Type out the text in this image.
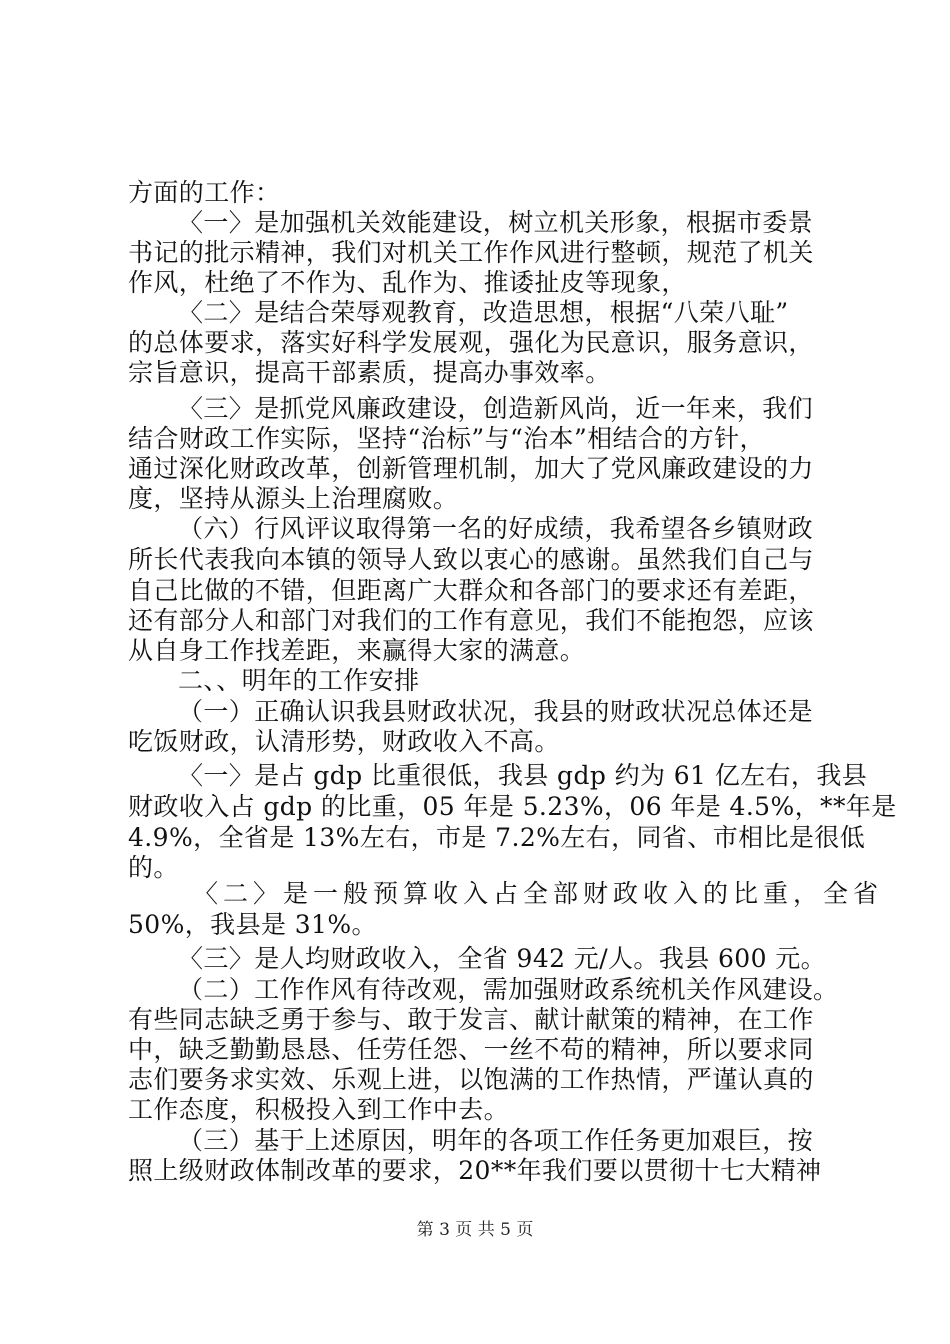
方面的工作：
〈一〉是加强机关效能建设，树立机关形象，根据市委景
书记的批示精神，我们对机关工作作风进行整顿，规范了机关
作风，杜绝了不作为、乱作为、推诿扯皮等现象，
〈二〉是结合荣辱观教育，改造思想，根据“八荣八耻”
的总体要求，落实好科学发展观，强化为民意识，服务意识，
宗旨意识，提高干部素质，提高办事效率。
〈三〉是抓党风廉政建设，创造新风尚，近一年来，我们
结合财政工作实际，坚持“治标”与“治本”相结合的方针，
通过深化财政改革，创新管理机制，加大了党风廉政建设的力
度，坚持从源头上治理腐败。
（六）行风评议取得第一名的好成绩，我希望各乡镇财政
所长代表我向本镇的领导人致以衷心的感谢。虽然我们自己与
自己比做的不错，但距离广大群众和各部门的要求还有差距，
还有部分人和部门对我们的工作有意见，我们不能抱怨，应该
从自身工作找差距，来赢得大家的满意。
二、、明年的工作安排
（一）正确认识我县财政状况，我县的财政状况总体还是
吃饭财政，认清形势，财政收入不高。
〈一〉是占 gdp 比重很低，我县 gdp 约为 61 亿左右，我县
财政收入占 gdp 的比重，05 年是 5.23%，06 年是 4.5%，**年是
4.9%，全省是 13%左右，市是 7.2%左右，同省、市相比是很低
的。
〈二〉是一般预算收入占全部财政收入的比重，全省
50%，我县是 31%。
〈三〉是人均财政收入，全省 942 元/人。我县 600 元。
（二）工作作风有待改观，需加强财政系统机关作风建设。
有些同志缺乏勇于参与、敢于发言、献计献策的精神，在工作
中，缺乏勤勤恳恳、任劳任怨、一丝不苟的精神，所以要求同
志们要务求实效、乐观上进，以饱满的工作热情，严谨认真的
工作态度，积极投入到工作中去。
（三）基于上述原因，明年的各项工作任务更加艰巨，按
照上级财政体制改革的要求，20**年我们要以贯彻十七大精神
第 3 页 共 5 页
